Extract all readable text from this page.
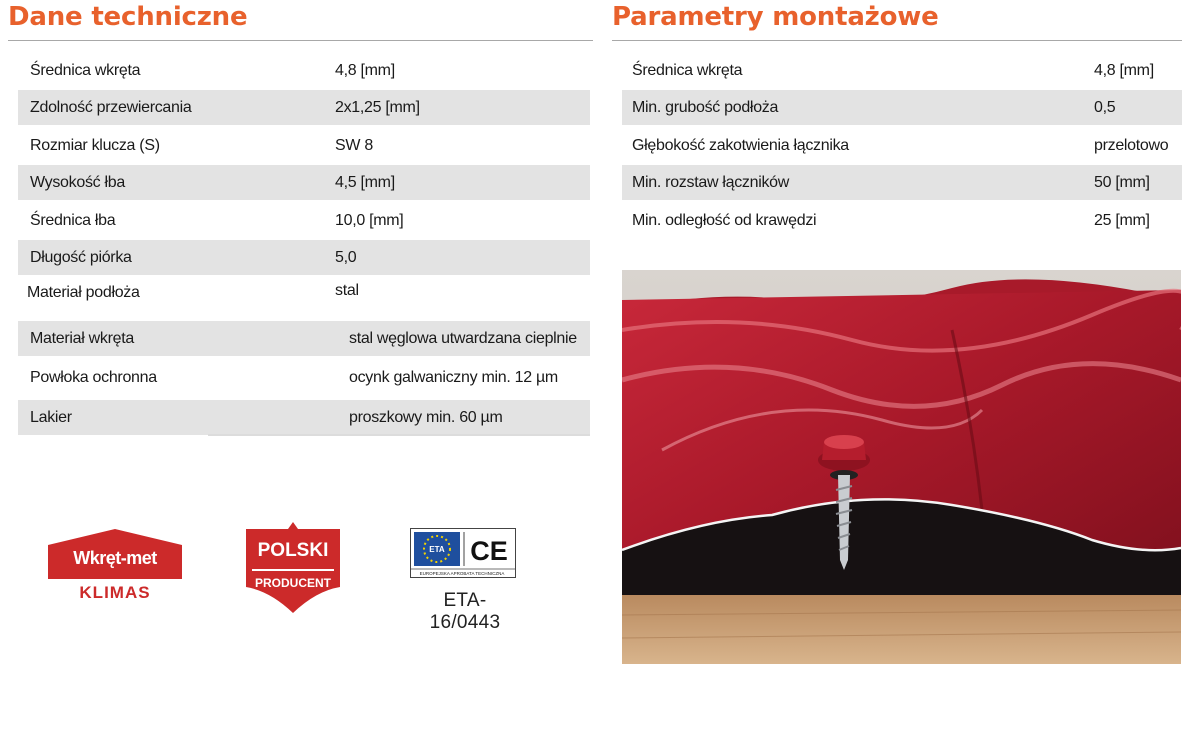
Dane techniczne
Średnica wkręta	4,8 [mm]
Zdolność przewiercania	2x1,25 [mm]
Rozmiar klucza (S)	SW 8
Wysokość łba	4,5 [mm]
Średnica łba	10,0 [mm]
Długość piórka	5,0
Materiał podłoża	stal
Materiał wkręta	stal węglowa utwardzana cieplnie
Powłoka ochronna	ocynk galwaniczny min. 12 µm
Lakier	proszkowy min. 60 µm
Parametry montażowe
Średnica wkręta	4,8 [mm]
Min. grubość podłoża	0,5
Głębokość zakotwienia łącznika	przelotowo
Min. rozstaw łączników	50 [mm]
Min. odległość od krawędzi	25 [mm]
Wkręt-met
KLIMAS
POLSKI
PRODUCENT
ETA CE
EUROPEJSKA APROBATA TECHNICZNA
ETA-16/0443
